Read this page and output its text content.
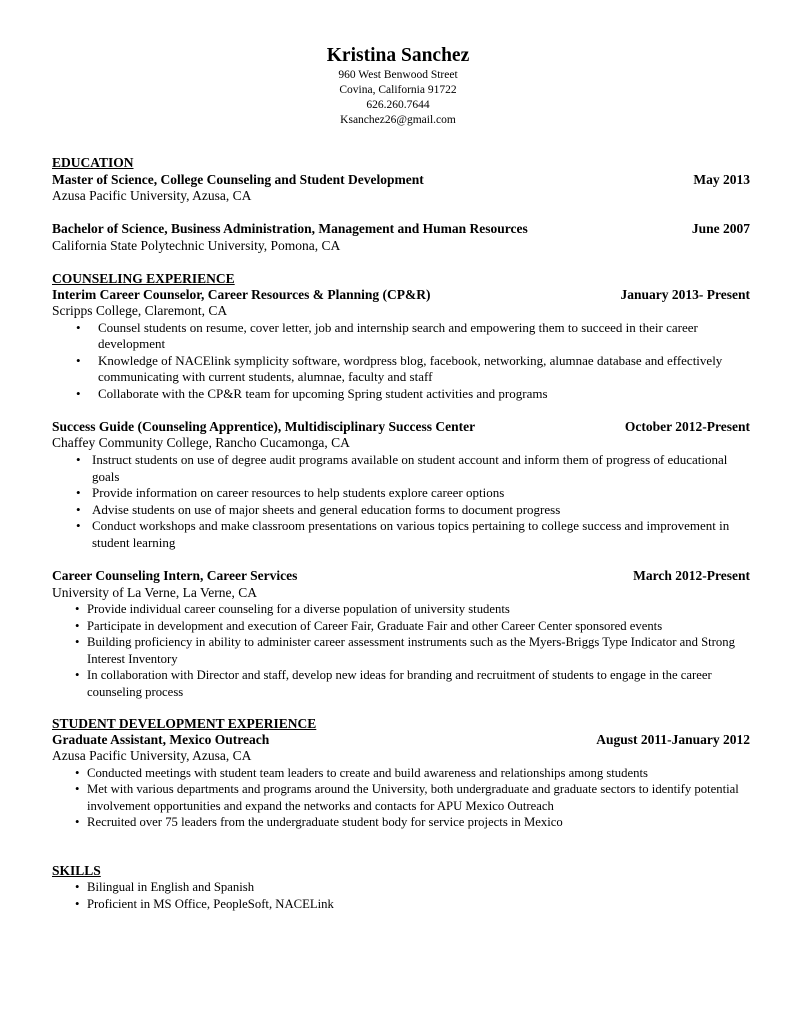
Kristina Sanchez
960 West Benwood Street
Covina, California 91722
626.260.7644
Ksanchez26@gmail.com
EDUCATION
Master of Science, College Counseling and Student Development	May 2013
Azusa Pacific University, Azusa, CA
Bachelor of Science, Business Administration, Management and Human Resources	June 2007
California State Polytechnic University, Pomona, CA
COUNSELING EXPERIENCE
Interim Career Counselor, Career Resources & Planning (CP&R)	January 2013- Present
Scripps College, Claremont, CA
• Counsel students on resume, cover letter, job and internship search and empowering them to succeed in their career development
• Knowledge of NACElink symplicity software, wordpress blog, facebook, networking, alumnae database and effectively communicating with current students, alumnae, faculty and staff
• Collaborate with the CP&R team for upcoming Spring student activities and programs
Success Guide (Counseling Apprentice), Multidisciplinary Success Center	October 2012-Present
Chaffey Community College, Rancho Cucamonga, CA
• Instruct students on use of degree audit programs available on student account and inform them of progress of educational goals
• Provide information on career resources to help students explore career options
• Advise students on use of major sheets and general education forms to document progress
• Conduct workshops and make classroom presentations on various topics pertaining to college success and improvement in student learning
Career Counseling Intern, Career Services	March 2012-Present
University of La Verne, La Verne, CA
• Provide individual career counseling for a diverse population of university students
• Participate in development and execution of Career Fair, Graduate Fair and other Career Center sponsored events
• Building proficiency in ability to administer career assessment instruments such as the Myers-Briggs Type Indicator and Strong Interest Inventory
• In collaboration with Director and staff, develop new ideas for branding and recruitment of students to engage in the career counseling process
STUDENT DEVELOPMENT EXPERIENCE
Graduate Assistant, Mexico Outreach	August 2011-January 2012
Azusa Pacific University, Azusa, CA
• Conducted meetings with student team leaders to create and build awareness and relationships among students
• Met with various departments and programs around the University, both undergraduate and graduate sectors to identify potential involvement opportunities and expand the networks and contacts for APU Mexico Outreach
• Recruited over 75 leaders from the undergraduate student body for service projects in Mexico
SKILLS
• Bilingual in English and Spanish
• Proficient in MS Office, PeopleSoft, NACELink
